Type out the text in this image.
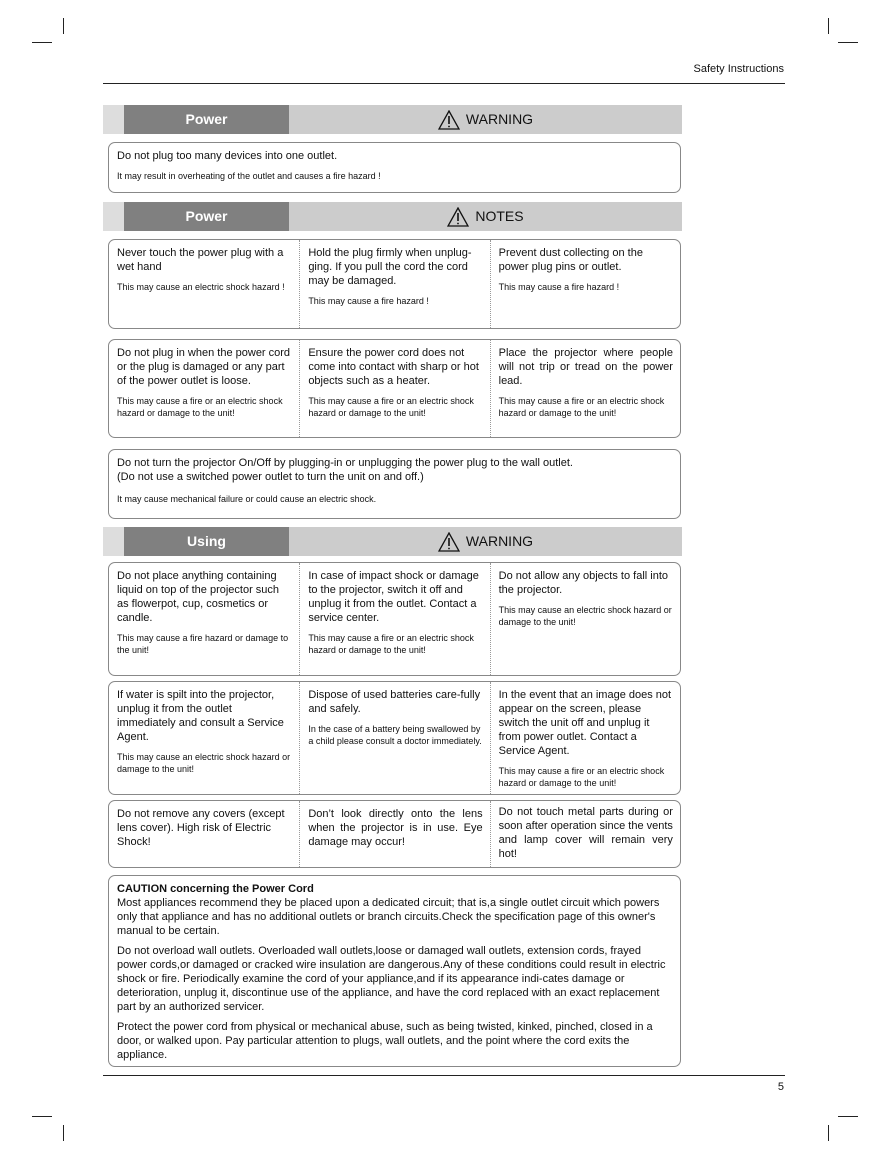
Safety Instructions
Power	WARNING

Do not plug too many devices into one outlet.

It may result in overheating of the outlet and causes a fire hazard !

Power	NOTES

Never touch the power plug with a wet hand

This may cause an electric shock hazard !

Hold the plug firmly when unplug-ging. If you pull the cord the cord may be damaged.

This may cause a fire hazard !

Prevent dust collecting on the power plug pins or outlet.

This may cause a fire hazard !

Do not plug in when the power cord or the plug is damaged or any part of the power outlet is loose.

This may cause a fire or an electric shock hazard or damage to the unit!

Ensure the power cord does not come into contact with sharp or hot objects such as a heater.

This may cause a fire or an electric shock hazard or damage to the unit!

Place the projector where people will not trip or tread on the power lead.

This may cause a fire or an electric shock hazard or damage to the unit!

Do not turn the projector On/Off by plugging-in or unplugging the power plug to the wall outlet.

(Do not use a switched power outlet to turn the unit on and off.)

It may cause mechanical failure or could cause an electric shock.

Using	WARNING

Do not place anything containing liquid on top of the projector such as flowerpot, cup, cosmetics or candle.

This may cause a fire hazard or damage to the unit!

In case of impact shock or damage to the projector, switch it off and unplug it from the outlet. Contact a service center.

This may cause a fire or an electric shock hazard or damage to the unit!

Do not allow any objects to fall into the projector.

This may cause an electric shock hazard or damage to the unit!

If water is spilt into the projector, unplug it from the outlet immediately and consult a Service Agent.

This may cause an electric shock hazard or damage to the unit!

Dispose of used batteries care-fully and safely.

In the case of a battery being swallowed by a child please consult a doctor immediately.

In the event that an image does not appear on the screen, please switch the unit off and unplug it from power outlet. Contact a Service Agent.

This may cause a fire or an electric shock hazard or damage to the unit!

Do not remove any covers (except lens cover). High risk of Electric Shock!

Don’t look directly onto the lens when the projector is in use. Eye damage may occur!

Do not touch metal parts during or soon after operation since the vents and lamp cover will remain very hot!

CAUTION concerning the Power Cord

Most appliances recommend they be placed upon a dedicated circuit; that is,a single outlet circuit which powers only that appliance and has no additional outlets or branch circuits.Check the specification page of this owner's manual to be certain.

Do not overload wall outlets. Overloaded wall outlets,loose or damaged wall outlets, extension cords, frayed power cords,or damaged or cracked wire insulation are dangerous.Any of these conditions could result in electric shock or fire. Periodically examine the cord of your appliance,and if its appearance indi-cates damage or deterioration, unplug it, discontinue use of the appliance, and have the cord replaced with an exact replacement part by an authorized servicer.

Protect the power cord from physical or mechanical abuse, such as being twisted, kinked, pinched, closed in a door, or walked upon. Pay particular attention to plugs, wall outlets, and the point where the cord exits the appliance.

5
